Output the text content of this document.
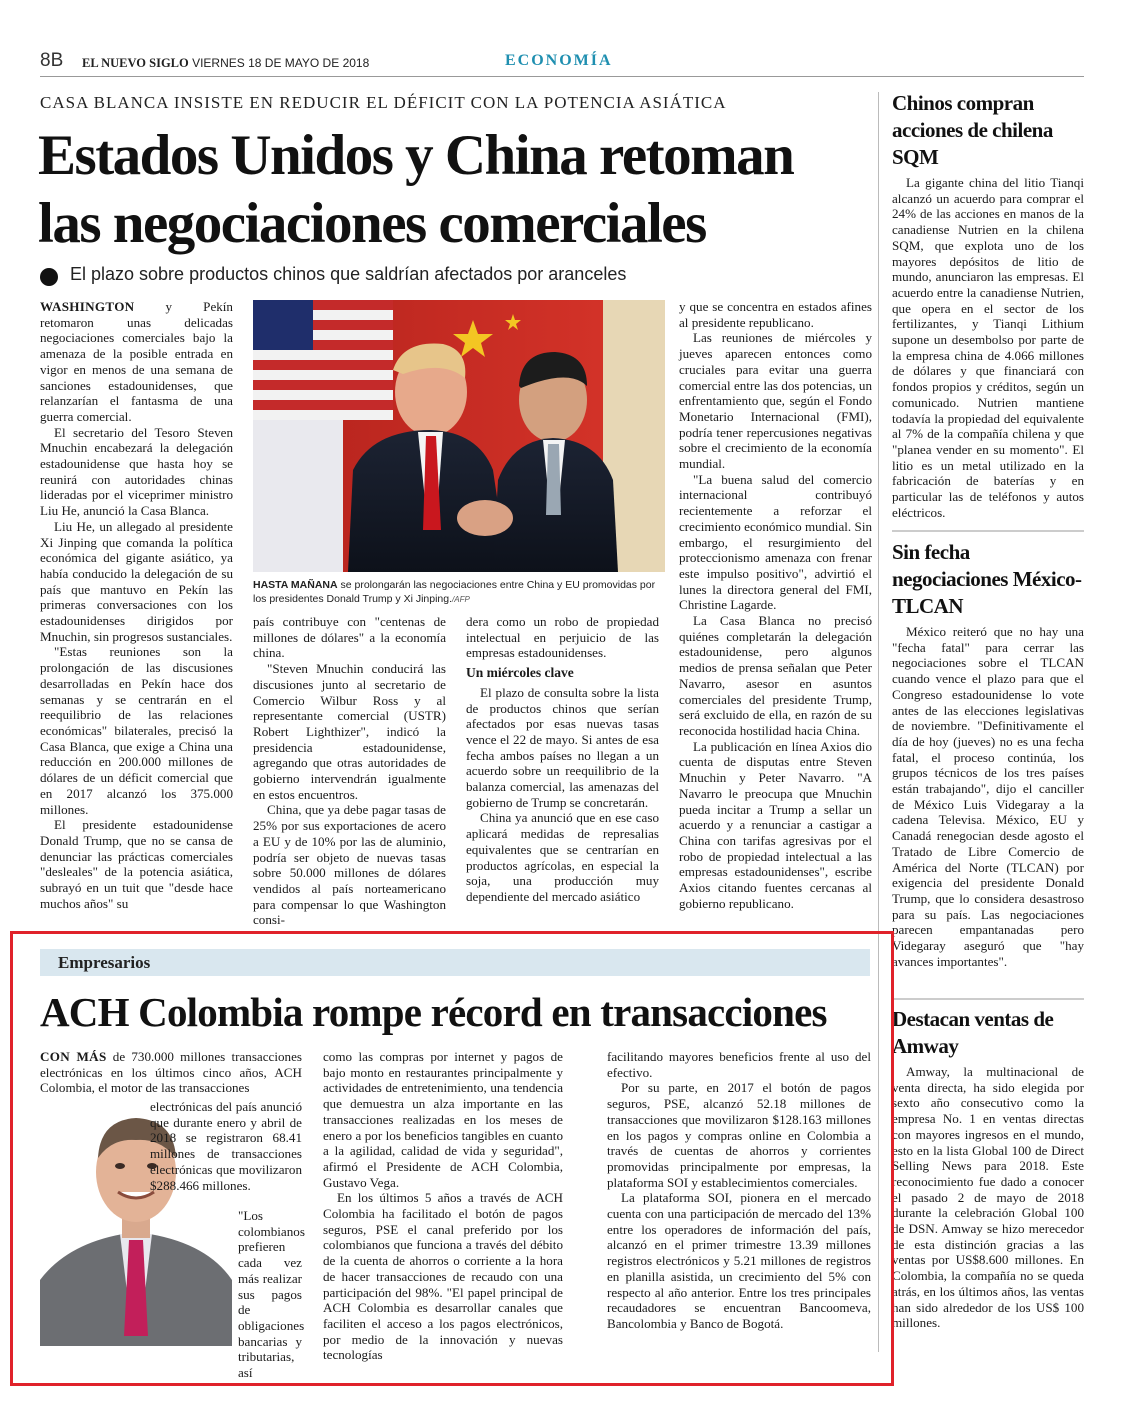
8B EL NUEVO SIGLO VIERNES 18 DE MAYO DE 2018	ECONOMÍA
CASA BLANCA INSISTE EN REDUCIR EL DÉFICIT CON LA POTENCIA ASIÁTICA
Estados Unidos y China retoman
las negociaciones comerciales
El plazo sobre productos chinos que saldrían afectados por aranceles

WASHINGTON y Pekín retomaron unas delicadas negociaciones comerciales bajo la amenaza de la posible entrada en vigor en menos de una semana de sanciones estadounidenses, que relanzarían el fantasma de una guerra comercial.

El secretario del Tesoro Steven Mnuchin encabezará la delegación estadounidense que hasta hoy se reunirá con autoridades chinas lideradas por el viceprimer ministro Liu He, anunció la Casa Blanca.

Liu He, un allegado al presidente Xi Jinping que comanda la política económica del gigante asiático, ya había conducido la delegación de su país que mantuvo en Pekín las primeras conversaciones con los estadounidenses dirigidos por Mnuchin, sin progresos sustanciales.

"Estas reuniones son la prolongación de las discusiones desarrolladas en Pekín hace dos semanas y se centrarán en el reequilibrio de las relaciones económicas" bilaterales, precisó la Casa Blanca, que exige a China una reducción en 200.000 millones de dólares de un déficit comercial que en 2017 alcanzó los 375.000 millones.

El presidente estadounidense Donald Trump, que no se cansa de denunciar las prácticas comerciales "desleales" de la potencia asiática, subrayó en un tuit que "desde hace muchos años" su

HASTA MAÑANA se prolongarán las negociaciones entre China y EU promovidas por los presidentes Donald Trump y Xi Jinping./AFP

país contribuye con "centenas de millones de dólares" a la economía china.

"Steven Mnuchin conducirá las discusiones junto al secretario de Comercio Wilbur Ross y al representante comercial (USTR) Robert Lighthizer", indicó la presidencia estadounidense, agregando que otras autoridades de gobierno intervendrán igualmente en estos encuentros.

China, que ya debe pagar tasas de 25% por sus exportaciones de acero a EU y de 10% por las de aluminio, podría ser objeto de nuevas tasas sobre 50.000 millones de dólares vendidos al país norteamericano para compensar lo que Washington consi-

dera como un robo de propiedad intelectual en perjuicio de las empresas estadounidenses.

Un miércoles clave

El plazo de consulta sobre la lista de productos chinos que serían afectados por esas nuevas tasas vence el 22 de mayo. Si antes de esa fecha ambos países no llegan a un acuerdo sobre un reequilibrio de la balanza comercial, las amenazas del gobierno de Trump se concretarán.

China ya anunció que en ese caso aplicará medidas de represalias equivalentes que se centrarían en productos agrícolas, en especial la soja, una producción muy dependiente del mercado asiático

y que se concentra en estados afines al presidente republicano.

Las reuniones de miércoles y jueves aparecen entonces como cruciales para evitar una guerra comercial entre las dos potencias, un enfrentamiento que, según el Fondo Monetario Internacional (FMI), podría tener repercusiones negativas sobre el crecimiento de la economía mundial.

"La buena salud del comercio internacional contribuyó recientemente a reforzar el crecimiento económico mundial. Sin embargo, el resurgimiento del proteccionismo amenaza con frenar este impulso positivo", advirtió el lunes la directora general del FMI, Christine Lagarde.

La Casa Blanca no precisó quiénes completarán la delegación estadounidense, pero algunos medios de prensa señalan que Peter Navarro, asesor en asuntos comerciales del presidente Trump, será excluido de ella, en razón de su reconocida hostilidad hacia China.

La publicación en línea Axios dio cuenta de disputas entre Steven Mnuchin y Peter Navarro. "A Navarro le preocupa que Mnuchin pueda incitar a Trump a sellar un acuerdo y a renunciar a castigar a China con tarifas agresivas por el robo de propiedad intelectual a las empresas estadounidenses", escribe Axios citando fuentes cercanas al gobierno republicano.

Chinos compran acciones de chilena SQM

La gigante china del litio Tianqi alcanzó un acuerdo para comprar el 24% de las acciones en manos de la canadiense Nutrien en la chilena SQM, que explota uno de los mayores depósitos de litio de mundo, anunciaron las empresas. El acuerdo entre la canadiense Nutrien, que opera en el sector de los fertilizantes, y Tianqi Lithium supone un desembolso por parte de la empresa china de 4.066 millones de dólares y que financiará con fondos propios y créditos, según un comunicado. Nutrien mantiene todavía la propiedad del equivalente al 7% de la compañía chilena y que "planea vender en su momento". El litio es un metal utilizado en la fabricación de baterías y en particular las de teléfonos y autos eléctricos.

Sin fecha negociaciones México-TLCAN

México reiteró que no hay una "fecha fatal" para cerrar las negociaciones sobre el TLCAN cuando vence el plazo para que el Congreso estadounidense lo vote antes de las elecciones legislativas de noviembre. "Definitivamente el día de hoy (jueves) no es una fecha fatal, el proceso continúa, los grupos técnicos de los tres países están trabajando", dijo el canciller de México Luis Videgaray a la cadena Televisa. México, EU y Canadá renegocian desde agosto el Tratado de Libre Comercio de América del Norte (TLCAN) por exigencia del presidente Donald Trump, que lo considera desastroso para su país. Las negociaciones parecen empantanadas pero Videgaray aseguró que "hay avances importantes".

Destacan ventas de Amway

Amway, la multinacional de venta directa, ha sido elegida por sexto año consecutivo como la empresa No. 1 en ventas directas con mayores ingresos en el mundo, esto en la lista Global 100 de Direct Selling News para 2018. Este reconocimiento fue dado a conocer el pasado 2 de mayo de 2018 durante la celebración Global 100 de DSN. Amway se hizo merecedor de esta distinción gracias a las ventas por US$8.600 millones. En Colombia, la compañía no se queda atrás, en los últimos años, las ventas han sido alrededor de los US$ 100 millones.

Empresarios
ACH Colombia rompe récord en transacciones

CON MÁS de 730.000 millones transacciones electrónicas en los últimos cinco años, ACH Colombia, el motor de las transacciones

electrónicas del país anunció que durante enero y abril de 2018 se registraron 68.41 millones de transacciones electrónicas que movilizaron $288.466 millones.

"Los colombianos prefieren cada vez más realizar sus pagos de obligaciones bancarias y tributarias, así

como las compras por internet y pagos de bajo monto en restaurantes principalmente y actividades de entretenimiento, una tendencia que demuestra un alza importante en las transacciones realizadas en los meses de enero a por los beneficios tangibles en cuanto a la agilidad, calidad de vida y seguridad", afirmó el Presidente de ACH Colombia, Gustavo Vega.

En los últimos 5 años a través de ACH Colombia ha facilitado el botón de pagos seguros, PSE el canal preferido por los colombianos que funciona a través del débito de la cuenta de ahorros o corriente a la hora de hacer transacciones de recaudo con una participación del 98%. "El papel principal de ACH Colombia es desarrollar canales que faciliten el acceso a los pagos electrónicos, por medio de la innovación y nuevas tecnologías

facilitando mayores beneficios frente al uso del efectivo.

Por su parte, en 2017 el botón de pagos seguros, PSE, alcanzó 52.18 millones de transacciones que movilizaron $128.163 millones en los pagos y compras online en Colombia a través de cuentas de ahorros y corrientes promovidas principalmente por empresas, la plataforma SOI y establecimientos comerciales.

La plataforma SOI, pionera en el mercado cuenta con una participación de mercado del 13% entre los operadores de información del país, alcanzó en el primer trimestre 13.39 millones registros electrónicos y 5.21 millones de registros en planilla asistida, un crecimiento del 5% con respecto al año anterior. Entre los tres principales recaudadores se encuentran Bancoomeva, Bancolombia y Banco de Bogotá.
